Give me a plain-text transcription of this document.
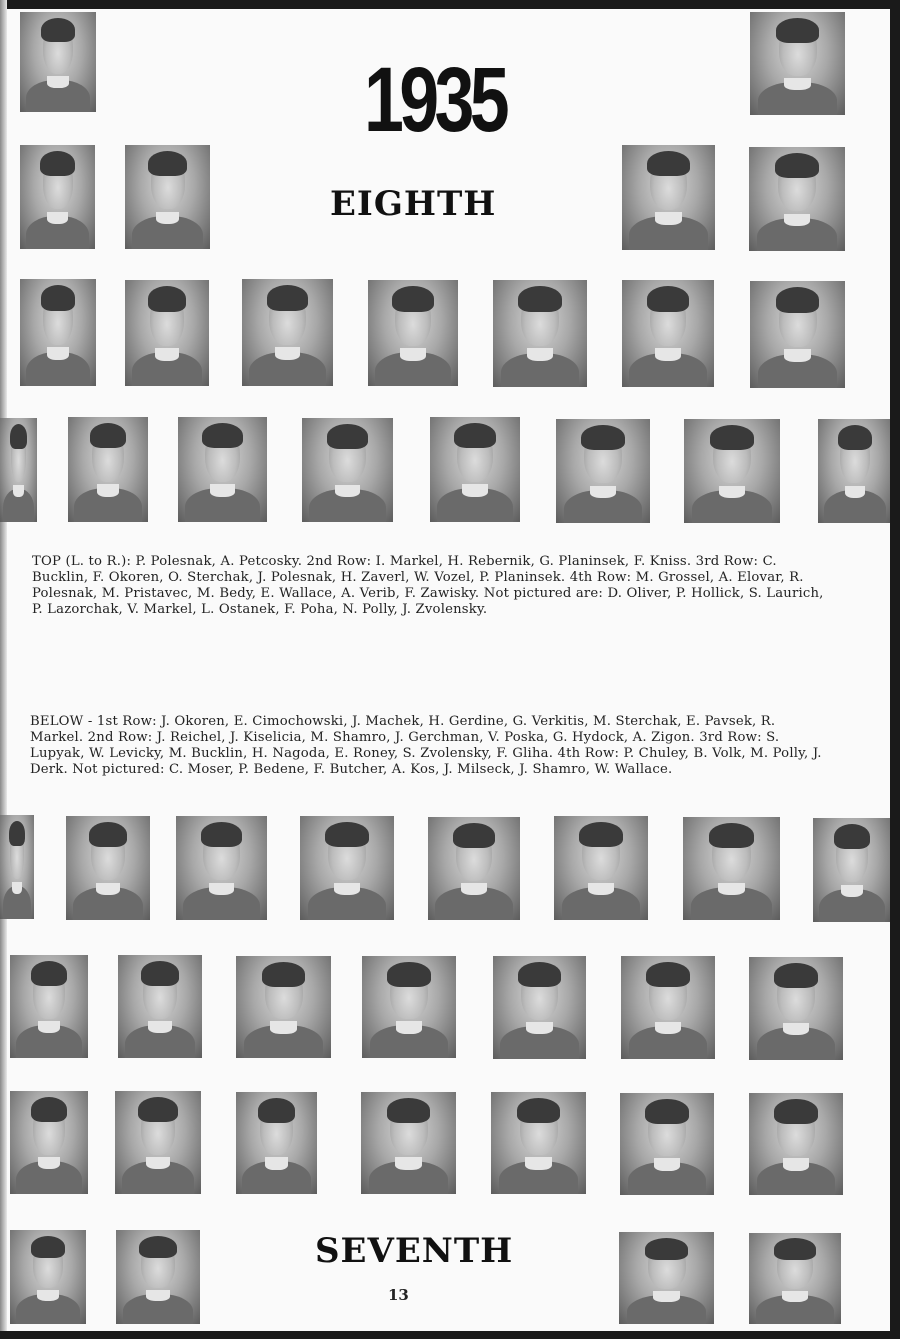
1935
EIGHTH

TOP (L. to R.): P. Polesnak, A. Petcosky. 2nd Row: I. Markel, H. Rebernik, G. Planinsek, F. Kniss. 3rd Row: C. Bucklin, F. Okoren, O. Sterchak, J. Polesnak, H. Zaverl, W. Vozel, P. Planinsek. 4th Row: M. Grossel, A. Elovar, R. Polesnak, M. Pristavec, M. Bedy, E. Wallace, A. Verib, F. Zawisky. Not pictured are: D. Oliver, P. Hollick, S. Laurich, P. Lazorchak, V. Markel, L. Ostanek, F. Poha, N. Polly, J. Zvolensky.

BELOW - 1st Row: J. Okoren, E. Cimochowski, J. Machek, H. Gerdine, G. Verkitis, M. Sterchak, E. Pavsek, R. Markel. 2nd Row: J. Reichel, J. Kiselicia, M. Shamro, J. Gerchman, V. Poska, G. Hydock, A. Zigon. 3rd Row: S. Lupyak, W. Levicky, M. Bucklin, H. Nagoda, E. Roney, S. Zvolensky, F. Gliha. 4th Row: P. Chuley, B. Volk, M. Polly, J. Derk. Not pictured: C. Moser, P. Bedene, F. Butcher, A. Kos, J. Milseck, J. Shamro, W. Wallace.

SEVENTH

13
